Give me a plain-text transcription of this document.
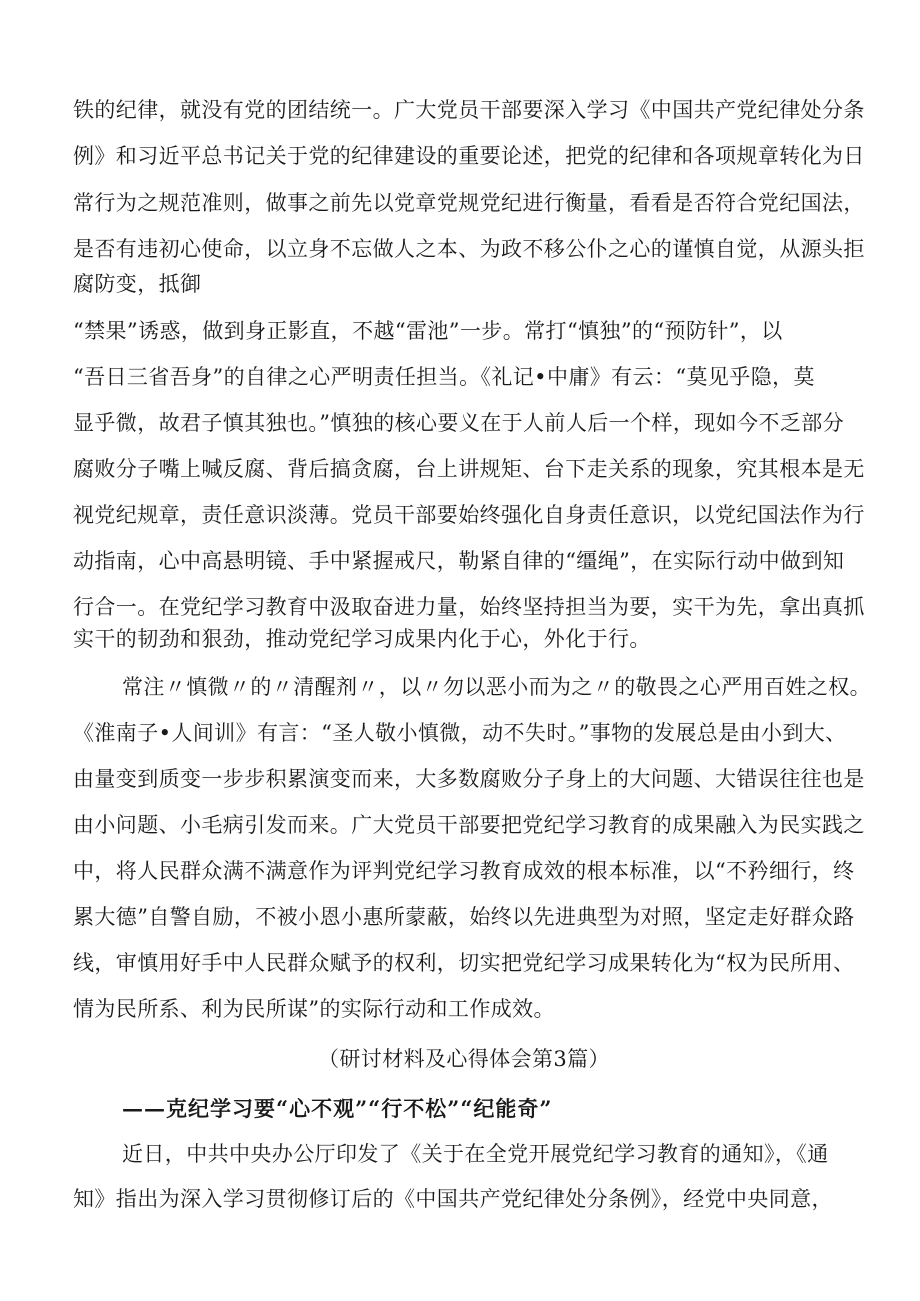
铁的纪律，就没有党的团结统一。广大党员干部要深入学习《中国共产党纪律处分条
例》和习近平总书记关于党的纪律建设的重要论述，把党的纪律和各项规章转化为日
常行为之规范准则，做事之前先以党章党规党纪进行衡量，看看是否符合党纪国法，
是否有违初心使命，以立身不忘做人之本、为政不移公仆之心的谨慎自觉，从源头拒
腐防变，抵御
“禁果”诱惑，做到身正影直，不越“雷池”一步。常打“慎独”的“预防针”，以
“吾日三省吾身”的自律之心严明责任担当。《礼记•中庸》有云：“莫见乎隐，莫
显乎微，故君子慎其独也。”慎独的核心要义在于人前人后一个样，现如今不乏部分
腐败分子嘴上喊反腐、背后搞贪腐，台上讲规矩、台下走关系的现象，究其根本是无
视党纪规章，责任意识淡薄。党员干部要始终强化自身责任意识，以党纪国法作为行
动指南，心中高悬明镜、手中紧握戒尺，勒紧自律的“缰绳”，在实际行动中做到知
行合一。在党纪学习教育中汲取奋进力量，始终坚持担当为要，实干为先，拿出真抓
实干的韧劲和狠劲，推动党纪学习成果内化于心，外化于行。
常注〃慎微〃的〃清醒剂〃，以〃勿以恶小而为之〃的敬畏之心严用百姓之权。
《淮南子•人间训》有言：“圣人敬小慎微，动不失时。”事物的发展总是由小到大、
由量变到质变一步步积累演变而来，大多数腐败分子身上的大问题、大错误往往也是
由小问题、小毛病引发而来。广大党员干部要把党纪学习教育的成果融入为民实践之
中，将人民群众满不满意作为评判党纪学习教育成效的根本标准，以“不矜细行，终
累大德”自警自励，不被小恩小惠所蒙蔽，始终以先进典型为对照，坚定走好群众路
线，审慎用好手中人民群众赋予的权利，切实把党纪学习成果转化为“权为民所用、
情为民所系、利为民所谋”的实际行动和工作成效。
（研讨材料及心得体会第3篇）
——克纪学习要“心不观”“行不松”“纪能奇”
近日，中共中央办公厅印发了《关于在全党开展党纪学习教育的通知》，《通
知》指出为深入学习贯彻修订后的《中国共产党纪律处分条例》，经党中央同意，
